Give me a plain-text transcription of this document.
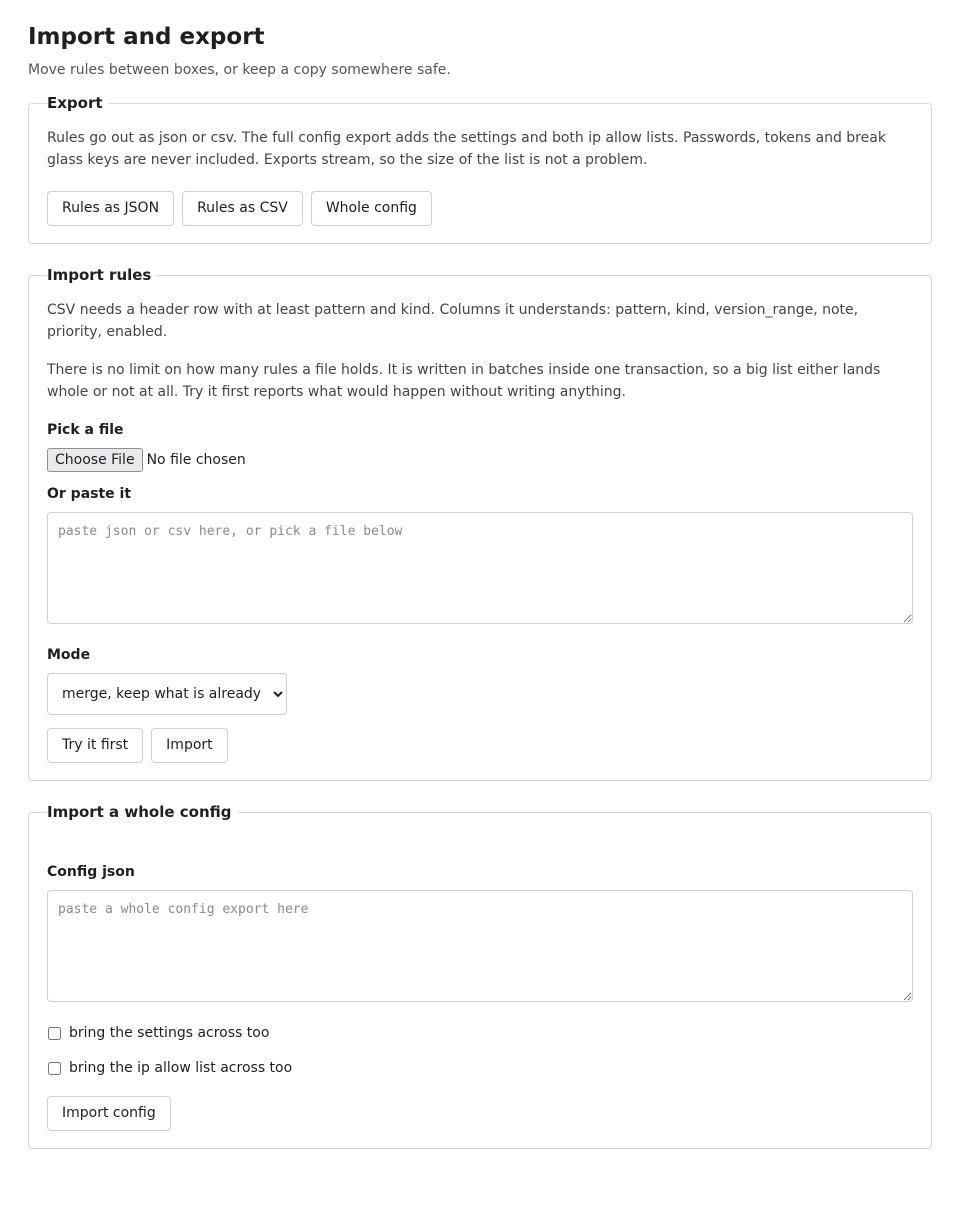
Import and export

Move rules between boxes, or keep a copy somewhere safe.

Export

Rules go out as json or csv. The full config export adds the settings and both ip allow lists. Passwords, tokens and break glass keys are never included. Exports stream, so the size of the list is not a problem.

Rules as JSON	Rules as CSV	Whole config
Import rules

CSV needs a header row with at least pattern and kind. Columns it understands: pattern, kind, version_range, note, priority, enabled.

There is no limit on how many rules a file holds. It is written in batches inside one transaction, so a big list either lands whole or not at all. Try it first reports what would happen without writing anything.

Pick a file
Choose File No file chosen
Or paste it
paste json or csv here, or pick a file below
Mode
merge, keep what is already there
Try it first	Import
Import a whole config
Config json
paste a whole config export here
bring the settings across too
bring the ip allow list across too
Import config
